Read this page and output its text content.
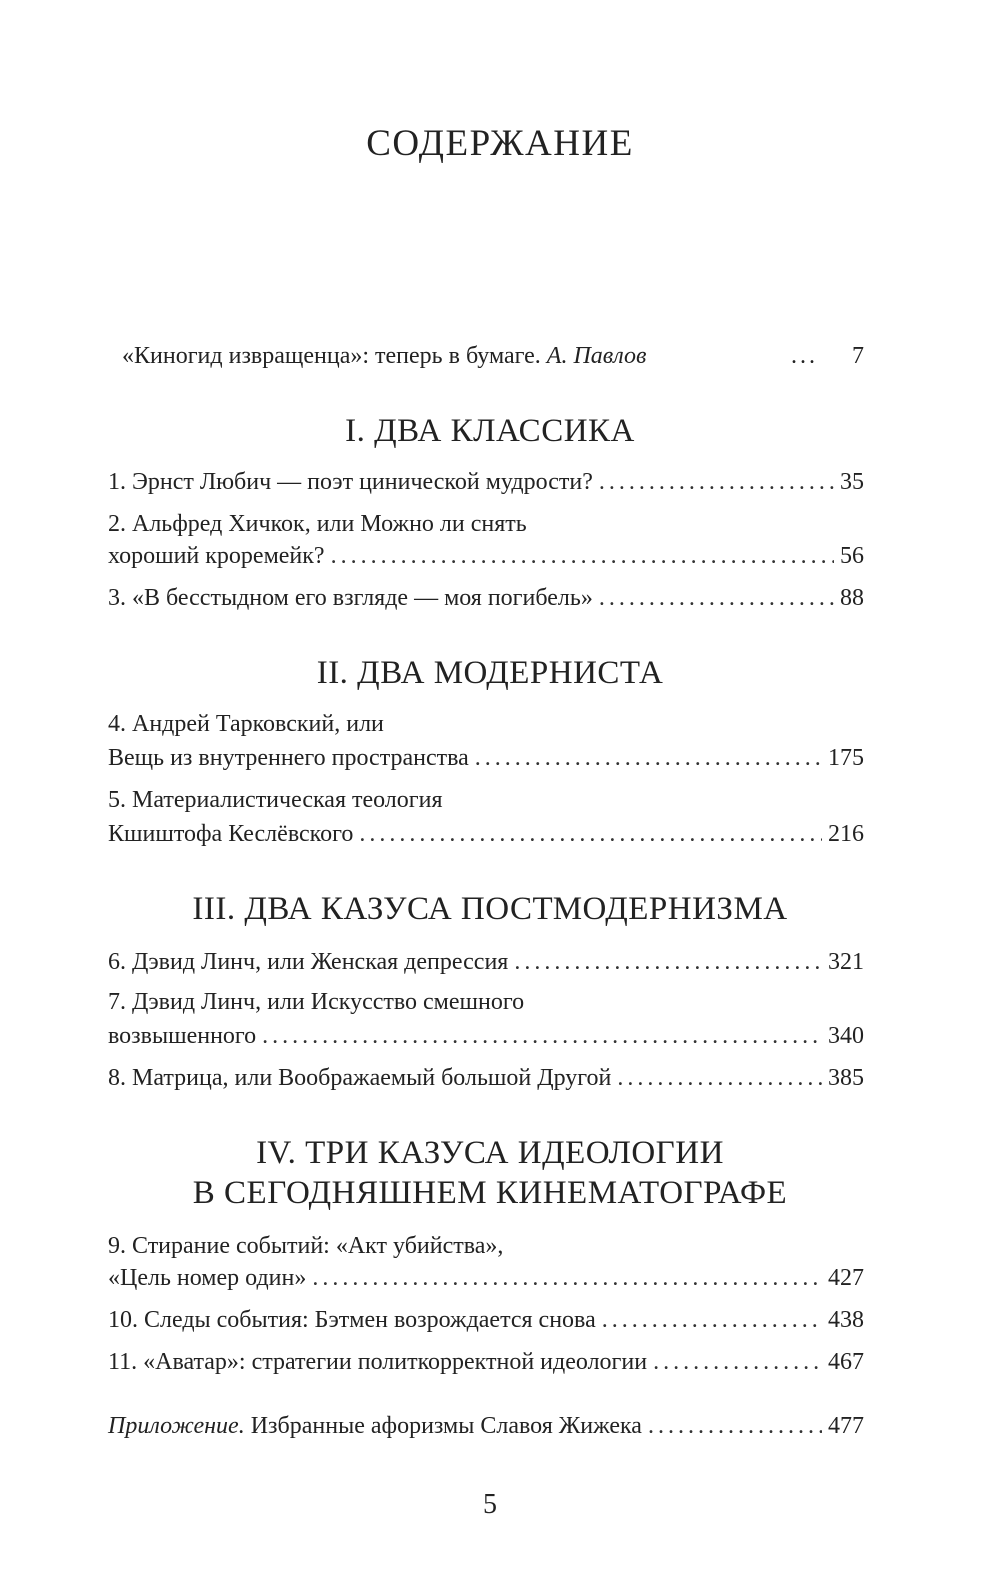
СОДЕРЖАНИЕ
«Киногид извращенца»: теперь в бумаге.
А. Павлов	... 7
I. ДВА КЛАССИКА
1. Эрнст Любич — поэт цинической мудрости? . . .	35
2. Альфред Хичкок, или Можно ли снять
хороший кроремейк? . . .	56
3. «В бесстыдном его взгляде — моя погибель» . . .	88
II. ДВА МОДЕРНИСТА
4. Андрей Тарковский, или
Вещь из внутреннего пространства . . .	175
5. Материалистическая теология
Кшиштофа Кеслёвского . . .	216
III. ДВА КАЗУСА ПОСТМОДЕРНИЗМА
6. Дэвид Линч, или Женская депрессия . . .	321
7. Дэвид Линч, или Искусство смешного
возвышенного . . .	340
8. Матрица, или Воображаемый большой Другой . . .	385
IV. ТРИ КАЗУСА ИДЕОЛОГИИ
В СЕГОДНЯШНЕМ КИНЕМАТОГРАФЕ
9. Стирание событий: «Акт убийства»,
«Цель номер один» . . .	427
10. Следы события: Бэтмен возрождается снова . . .	438
11. «Аватар»: стратегии политкорректной идеологии . . .	467
Приложение. Избранные афоризмы Славоя Жижека . . .	477
5
